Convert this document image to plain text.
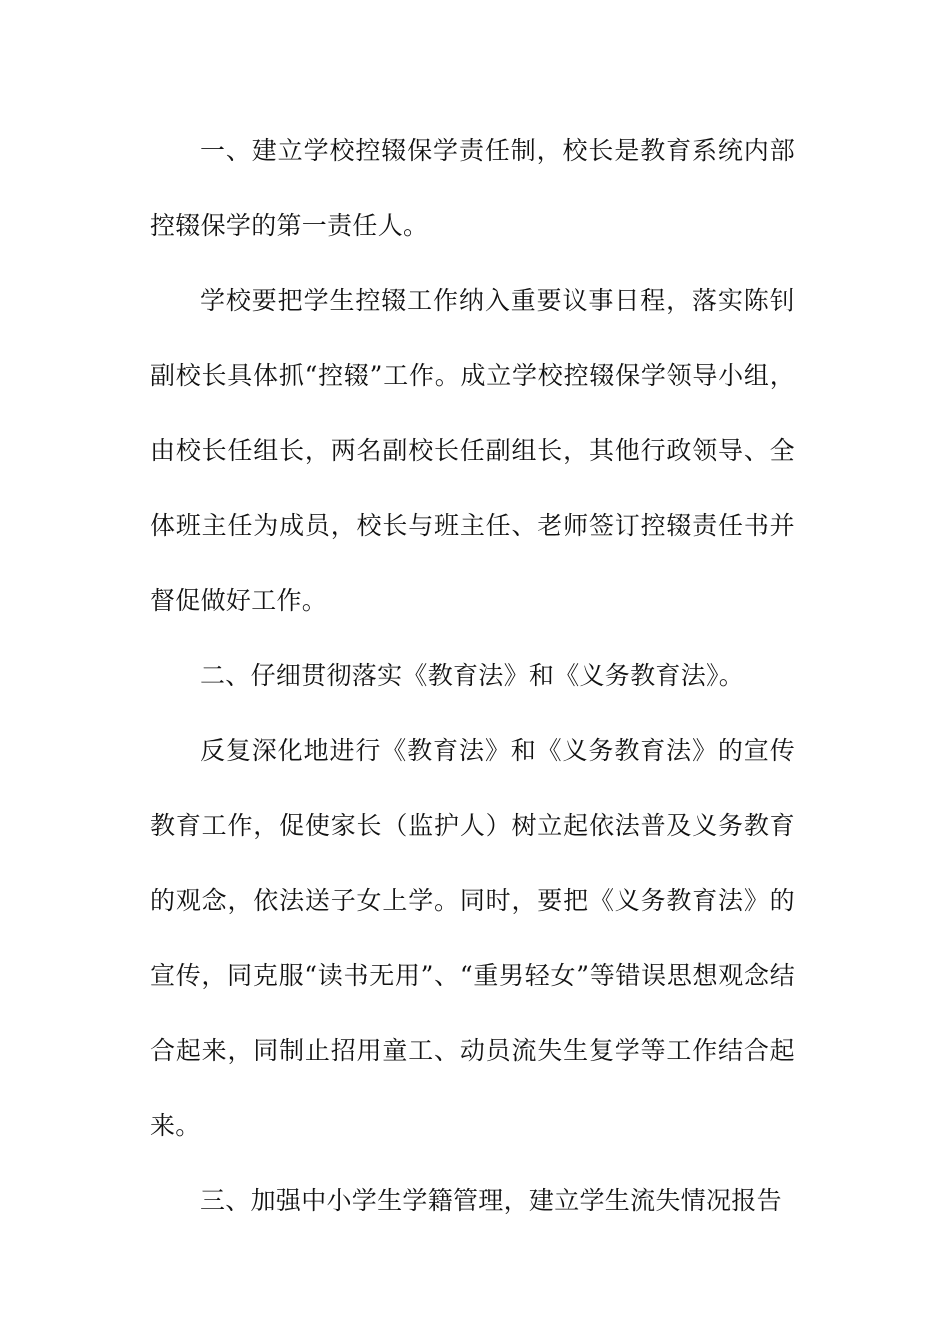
一、建立学校控辍保学责任制，校长是教育系统内部控辍保学的第一责任人。

学校要把学生控辍工作纳入重要议事日程，落实陈钊副校长具体抓“控辍”工作。成立学校控辍保学领导小组，由校长任组长，两名副校长任副组长，其他行政领导、全体班主任为成员，校长与班主任、老师签订控辍责任书并督促做好工作。

二、仔细贯彻落实《教育法》和《义务教育法》。

反复深化地进行《教育法》和《义务教育法》的宣传教育工作，促使家长（监护人）树立起依法普及义务教育的观念，依法送子女上学。同时，要把《义务教育法》的宣传，同克服“读书无用”、“重男轻女”等错误思想观念结合起来，同制止招用童工、动员流失生复学等工作结合起来。

三、加强中小学生学籍管理，建立学生流失情况报告
